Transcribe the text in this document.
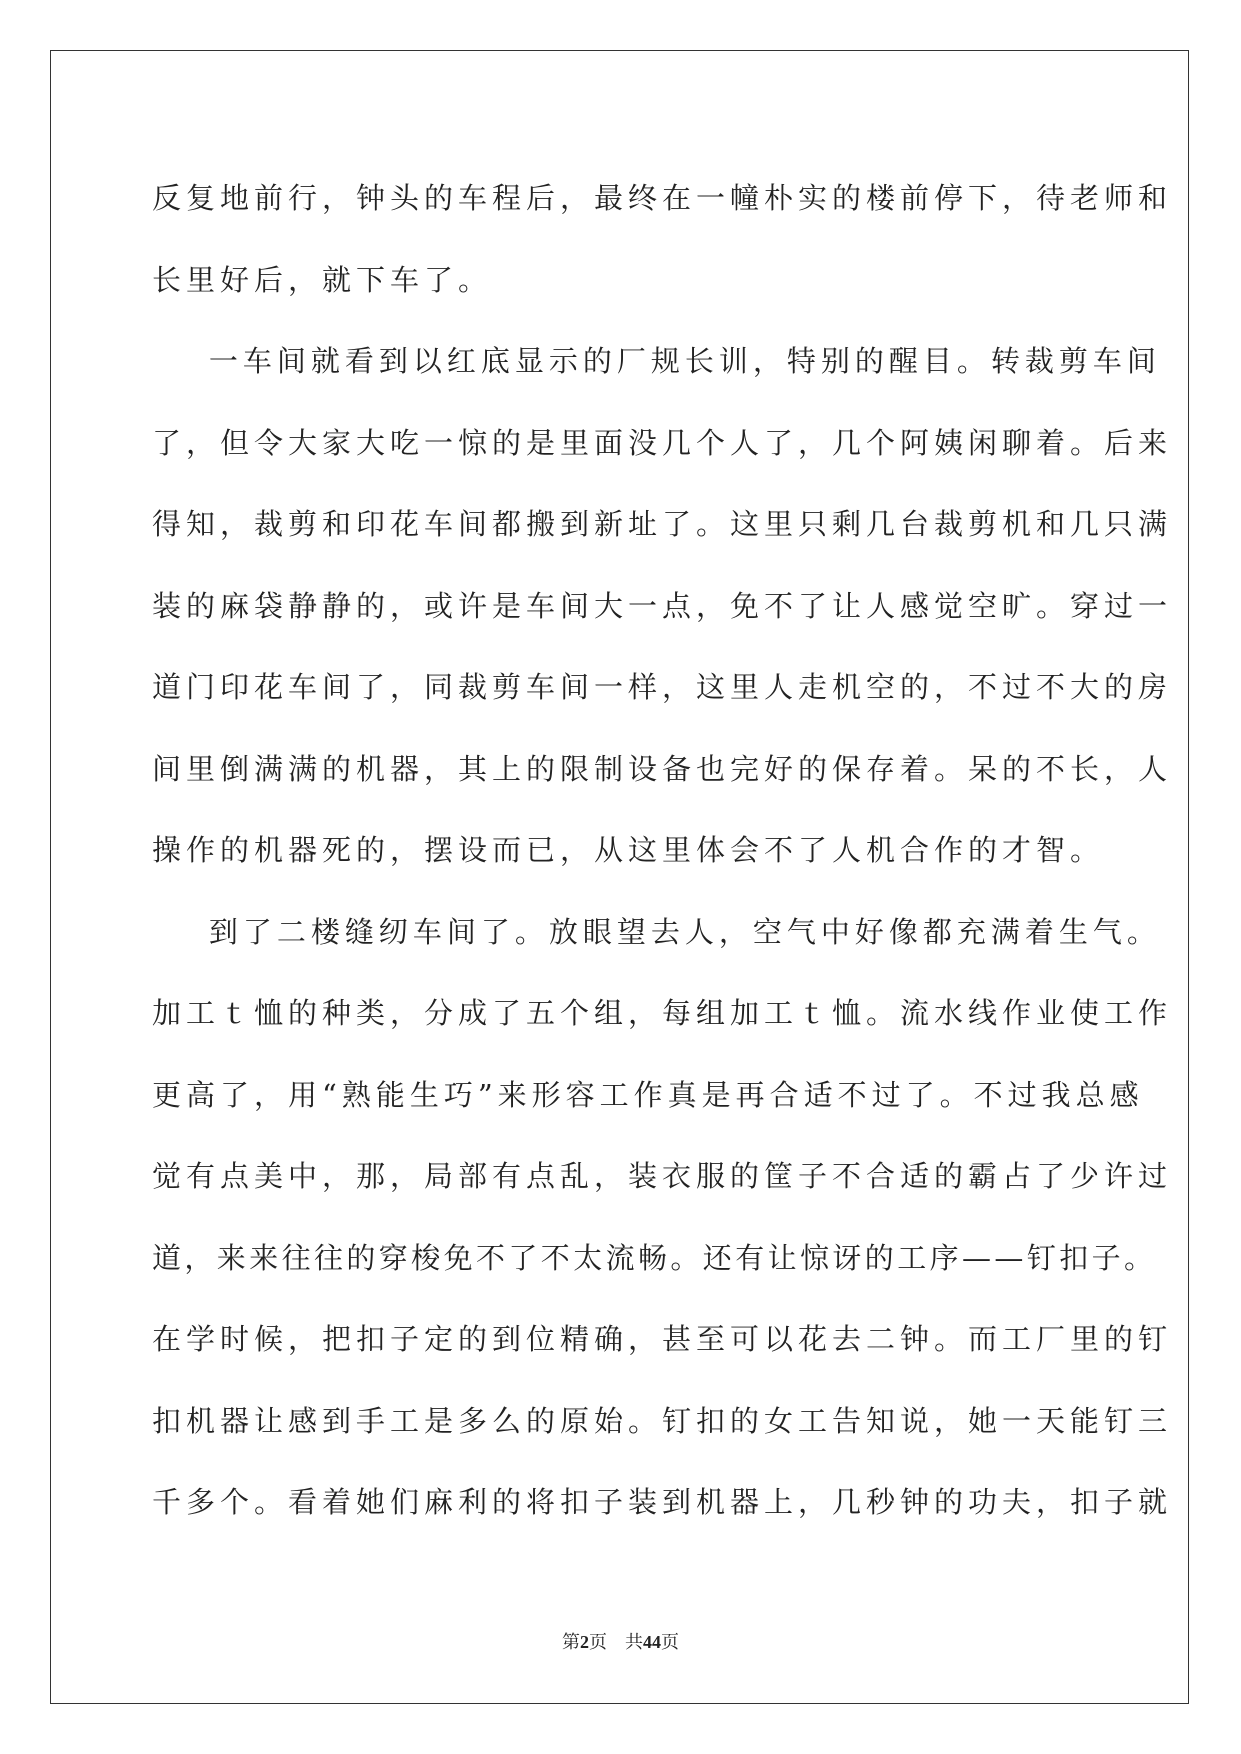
反复地前行，钟头的车程后，最终在一幢朴实的楼前停下，待老师和
长里好后，就下车了。
一车间就看到以红底显示的厂规长训，特别的醒目。转裁剪车间
了，但令大家大吃一惊的是里面没几个人了，几个阿姨闲聊着。后来
得知，裁剪和印花车间都搬到新址了。这里只剩几台裁剪机和几只满
装的麻袋静静的，或许是车间大一点，免不了让人感觉空旷。穿过一
道门印花车间了，同裁剪车间一样，这里人走机空的，不过不大的房
间里倒满满的机器，其上的限制设备也完好的保存着。呆的不长，人
操作的机器死的，摆设而已，从这里体会不了人机合作的才智。
到了二楼缝纫车间了。放眼望去人，空气中好像都充满着生气。
加工ｔ恤的种类，分成了五个组，每组加工ｔ恤。流水线作业使工作
更高了，用“熟能生巧”来形容工作真是再合适不过了。不过我总感
觉有点美中，那，局部有点乱，装衣服的筐子不合适的霸占了少许过
道，来来往往的穿梭免不了不太流畅。还有让惊讶的工序——钉扣子。
在学时候，把扣子定的到位精确，甚至可以花去二钟。而工厂里的钉
扣机器让感到手工是多么的原始。钉扣的女工告知说，她一天能钉三
千多个。看着她们麻利的将扣子装到机器上，几秒钟的功夫，扣子就
第2页 共44页
